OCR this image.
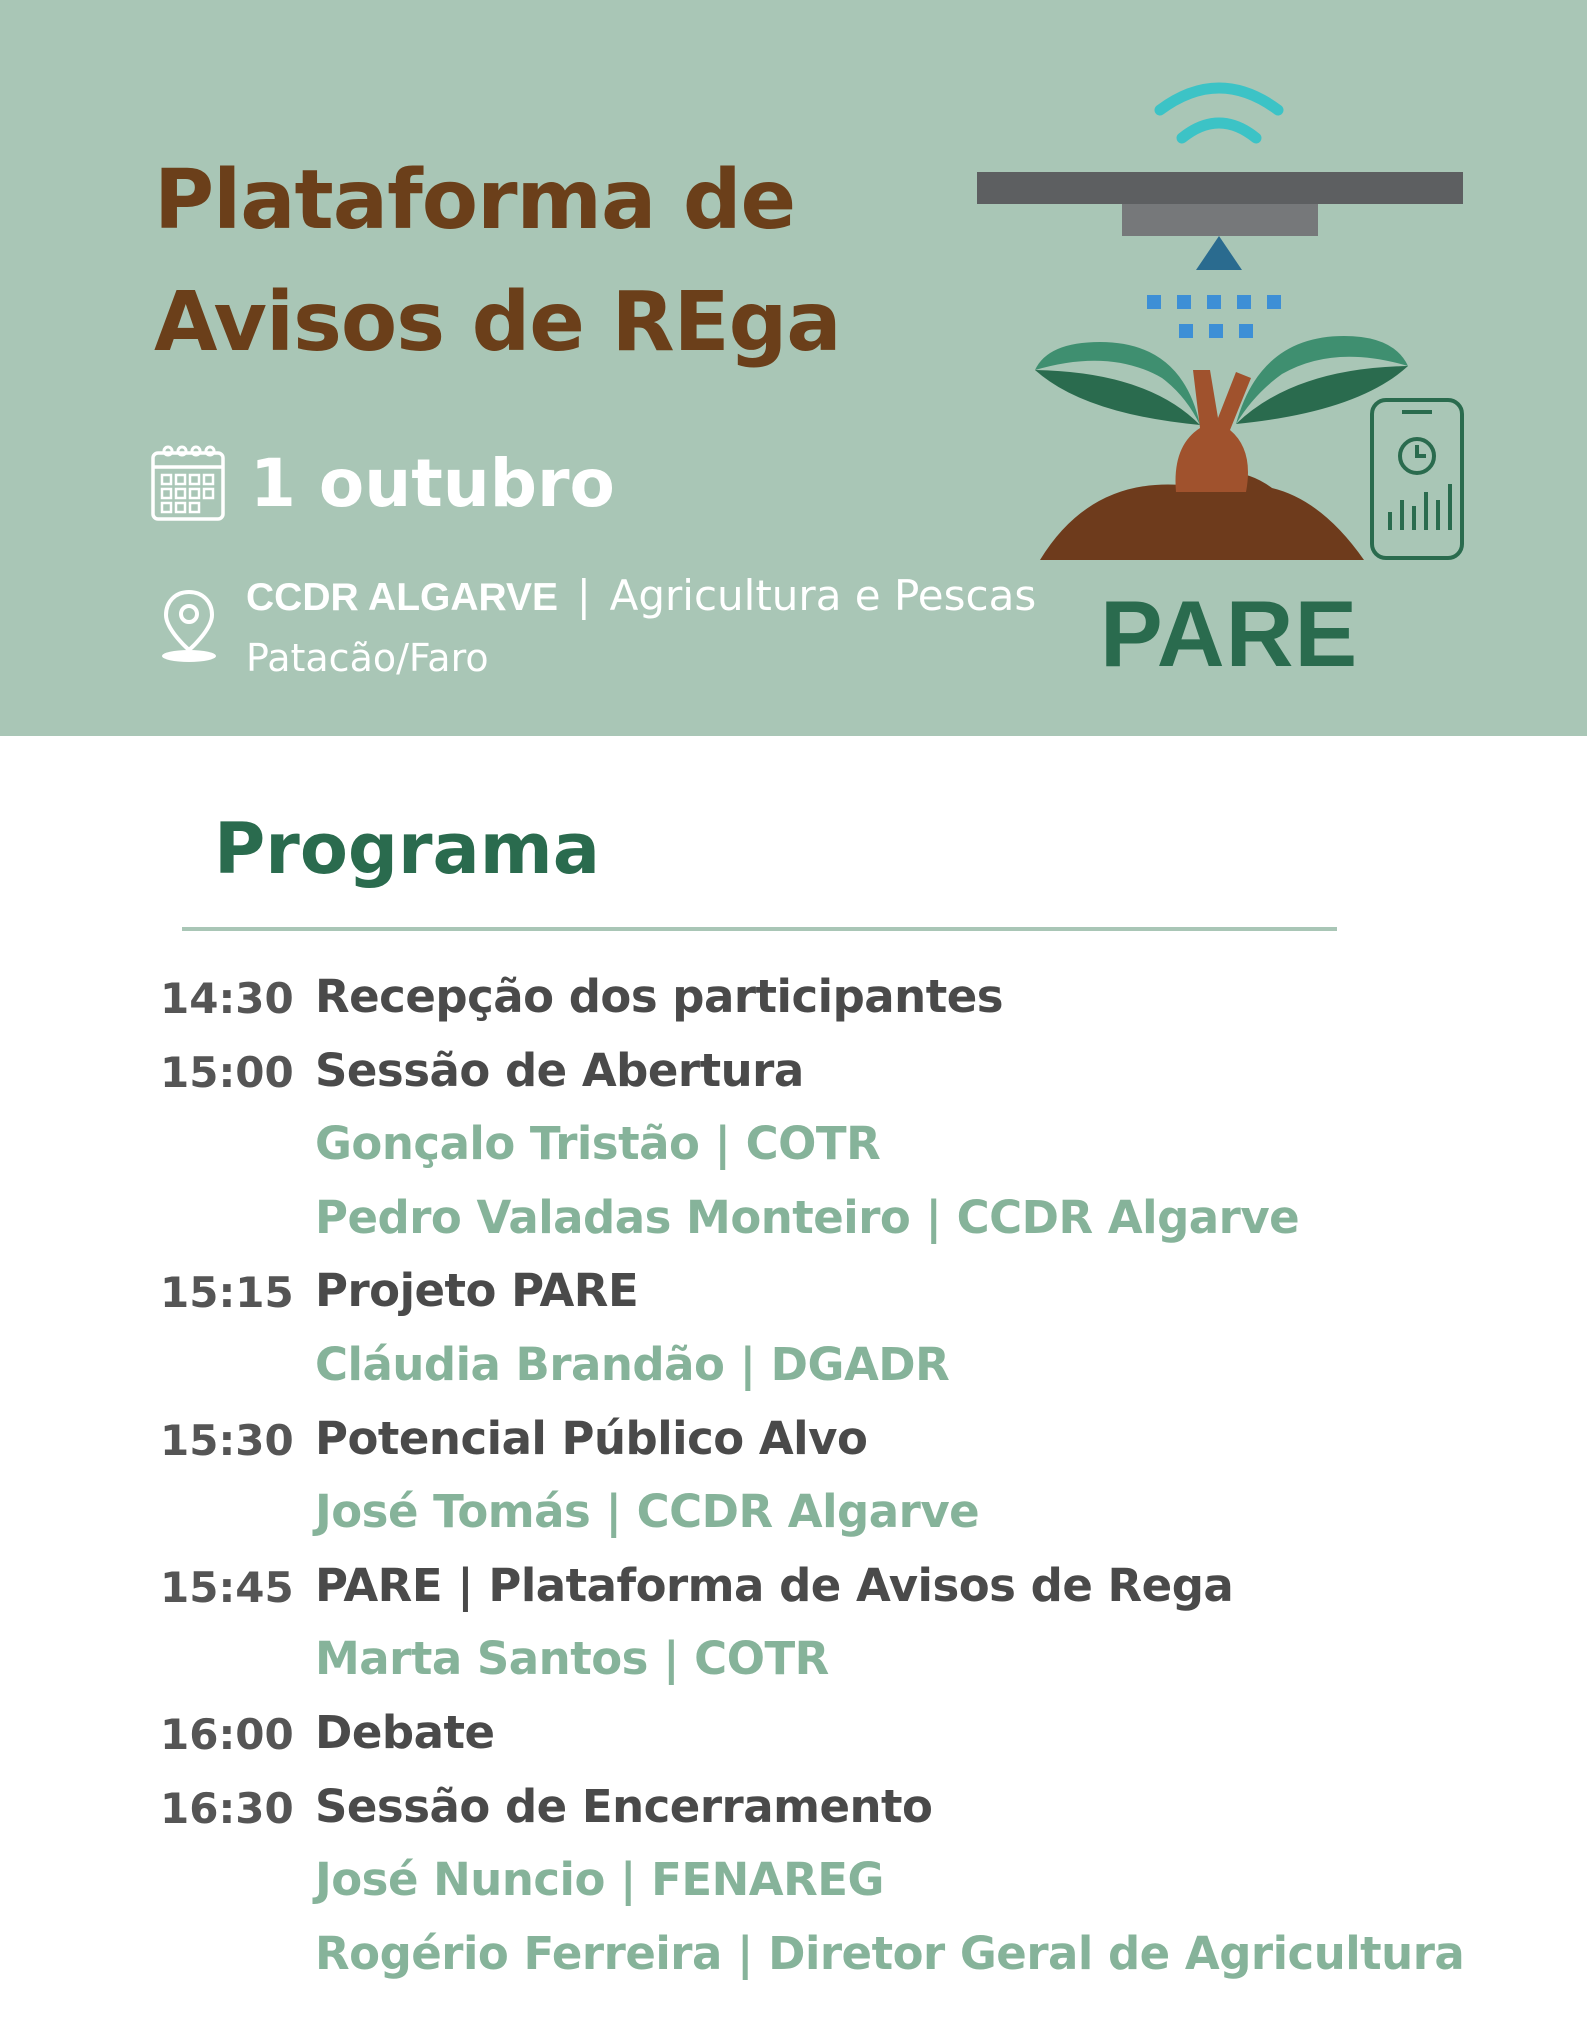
Plataforma de
Avisos de REga
1 outubro
CCDR ALGARVE | Agricultura e Pescas
Patacão/Faro	PARE
Programa
14:30 Recepção dos participantes
15:00 Sessão de Abertura
Gonçalo Tristão | COTR
Pedro Valadas Monteiro | CCDR Algarve
15:15 Projeto PARE
Cláudia Brandão | DGADR
15:30 Potencial Público Alvo
José Tomás | CCDR Algarve
15:45 PARE | Plataforma de Avisos de Rega
Marta Santos | COTR
16:00 Debate
16:30 Sessão de Encerramento
José Nuncio | FENAREG
Rogério Ferreira | Diretor Geral de Agricultura
